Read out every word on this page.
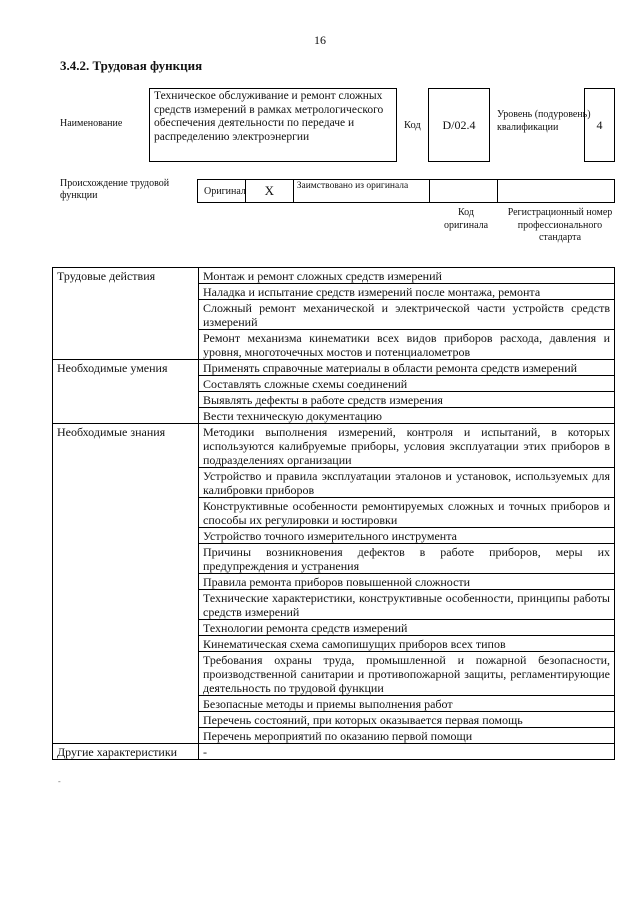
16
3.4.2. Трудовая функция
Наименование
Техническое обслуживание и ремонт сложных средств измерений в рамках метрологического обеспечения деятельности по передаче и распределению электроэнергии
Код	D/02.4
Уровень (подуровень) квалификации	4
Происхождение трудовой функции	Оригинал	X	Заимствовано из оригинала
Код оригинала
Регистрационный номер профессионального стандарта
Трудовые действия	Монтаж и ремонт сложных средств измерений
	Наладка и испытание средств измерений после монтажа, ремонта
	Сложный ремонт механической и электрической части устройств средств измерений
	Ремонт механизма кинематики всех видов приборов расхода, давления и уровня, многоточечных мостов и потенциалометров
Необходимые умения	Применять справочные материалы в области ремонта средств измерений
	Составлять сложные схемы соединений
	Выявлять дефекты в работе средств измерения
	Вести техническую документацию
Необходимые знания	Методики выполнения измерений, контроля и испытаний, в которых используются калибруемые приборы, условия эксплуатации этих приборов в подразделениях организации
	Устройство и правила эксплуатации эталонов и установок, используемых для калибровки приборов
	Конструктивные особенности ремонтируемых сложных и точных приборов и способы их регулировки и юстировки
	Устройство точного измерительного инструмента
	Причины возникновения дефектов в работе приборов, меры их предупреждения и устранения
	Правила ремонта приборов повышенной сложности
	Технические характеристики, конструктивные особенности, принципы работы средств измерений
	Технологии ремонта средств измерений
	Кинематическая схема самопишущих приборов всех типов
	Требования охраны труда, промышленной и пожарной безопасности, производственной санитарии и противопожарной защиты, регламентирующие деятельность по трудовой функции
	Безопасные методы и приемы выполнения работ
	Перечень состояний, при которых оказывается первая помощь
	Перечень мероприятий по оказанию первой помощи
Другие характеристики	-
-
